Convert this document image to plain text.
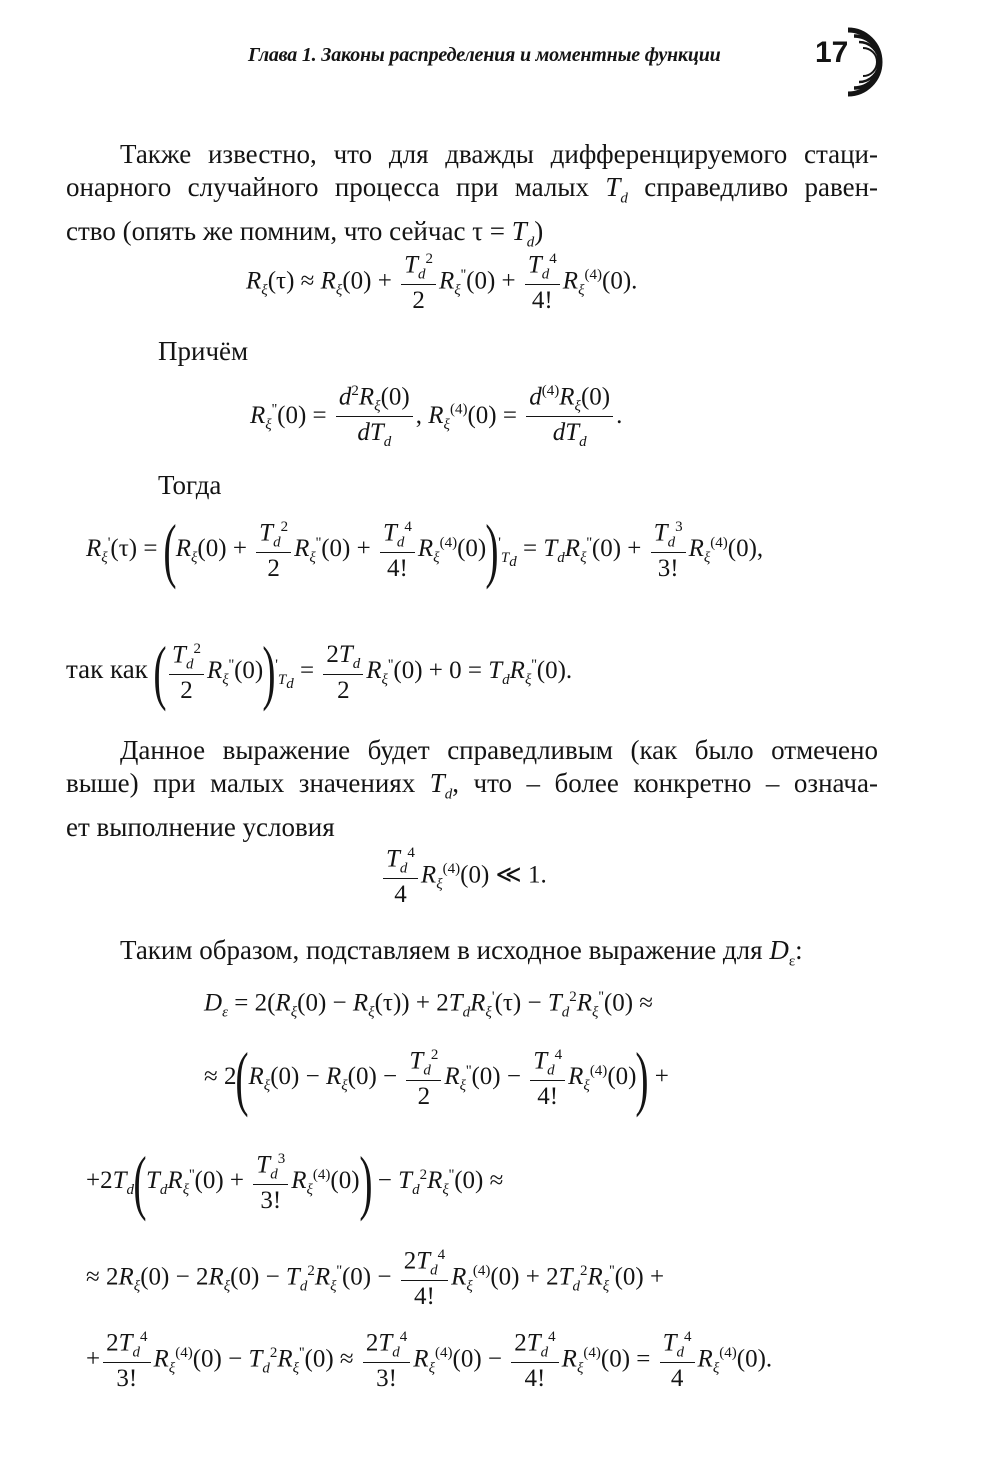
Глава 1. Законы распределения и моментные функции	17
Также известно, что для дважды дифференцируемого стаци-
онарного случайного процесса при малых $T_d$ справедливо равен-
ство (опять же помним, что сейчас $\tau = T_d$)
$R_\xi(\tau) \approx R_\xi(0) + \frac{T_d^2}{2} R_\xi''(0) + \frac{T_d^4}{4!} R_\xi^{(4)}(0)$.
Причём
$R_\xi''(0) = \frac{d^2R_\xi(0)}{dT_d}$ , $R_\xi^{(4)}(0) = \frac{d^{(4)}R_\xi(0)}{dT_d}$ .
Тогда
$R_\xi'(\tau) = (R_\xi(0) + \frac{T_d^2}{2} R_\xi''(0) + \frac{T_d^4}{4!} R_\xi^{(4)}(0))'_{T_d} = T_dR_\xi''(0) + \frac{T_d^3}{3!} R_\xi^{(4)}(0)$,
так как ( $\frac{T_d^2}{2} R_\xi''(0))'_{T_d} = \frac{2T_d}{2} R_\xi''(0) + 0 = T_dR_\xi''(0)$.
Данное выражение будет справедливым (как было отмечено
выше) при малых значениях $T_d$, что – более конкретно – означа-
ет выполнение условия
$\frac{T_d^4}{4} R_\xi^{(4)}(0)$ ≪ 1.
Таким образом, подставляем в исходное выражение для $D_\varepsilon$:
$D_\varepsilon = 2(R_\xi(0) - R_\xi(\tau)) + 2T_dR_\xi'(\tau) - T_d^2R_\xi''(0)$ ≈
≈ $2(R_\xi(0) - R_\xi(0) - \frac{T_d^2}{2} R_\xi''(0) - \frac{T_d^4}{4!} R_\xi^{(4)}(0))$ +
$+2T_d(T_dR_\xi''(0) + \frac{T_d^3}{3!} R_\xi^{(4)}(0)) - T_d^2R_\xi''(0)$ ≈
≈ $2R_\xi(0) - 2R_\xi(0) - T_d^2R_\xi''(0) - \frac{2T_d^4}{4!} R_\xi^{(4)}(0) + 2T_d^2R_\xi''(0)$ +
+ $\frac{2T_d^4}{3!} R_\xi^{(4)}(0) - T_d^2R_\xi''(0) \approx \frac{2T_d^4}{3!} R_\xi^{(4)}(0) - \frac{2T_d^4}{4!} R_\xi^{(4)}(0) = \frac{T_d^4}{4} R_\xi^{(4)}(0)$.
